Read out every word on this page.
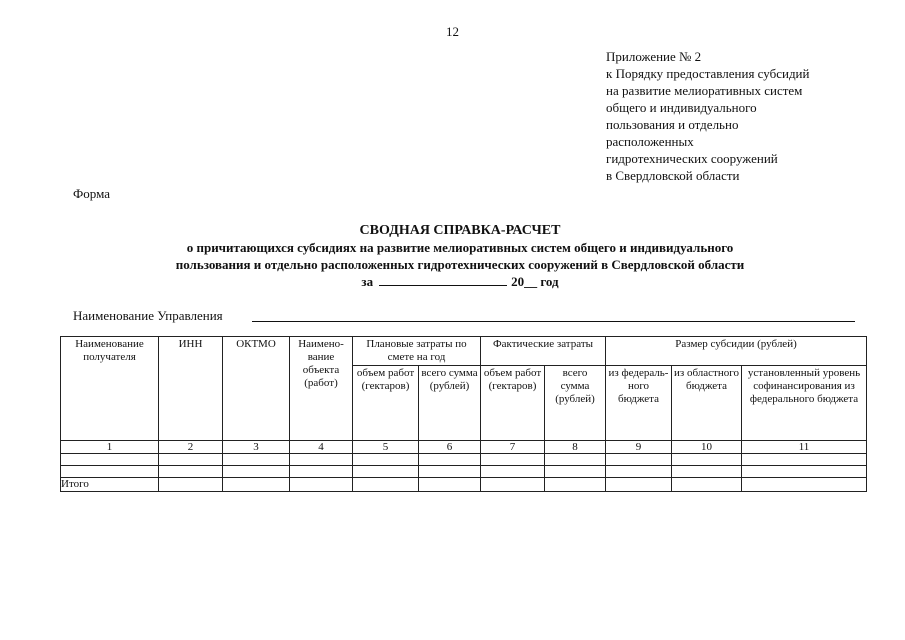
12
Приложение № 2
к Порядку предоставления субсидий
на развитие мелиоративных систем
общего и индивидуального
пользования и отдельно
расположенных
гидротехнических сооружений
в Свердловской области
Форма
СВОДНАЯ СПРАВКА-РАСЧЕТ
о причитающихся субсидиях на развитие мелиоративных систем общего и индивидуального
пользования и отдельно расположенных гидротехнических сооружений в Свердловской области
за	20__ год
Наименование Управления
Наименование получателя	ИНН	ОКТМО	Наимено-вание объекта (работ)	Плановые затраты по смете на год		Фактические затраты		Размер субсидии (рублей)		
				объем работ (гектаров)	всего сумма (рублей)	объем работ (гектаров)	всего сумма (рублей)	из федераль-ного бюджета	из областного бюджета	установленный уровень софинансирования из федерального бюджета
1	2	3	4	5	6	7	8	9	10	11

Итого										
